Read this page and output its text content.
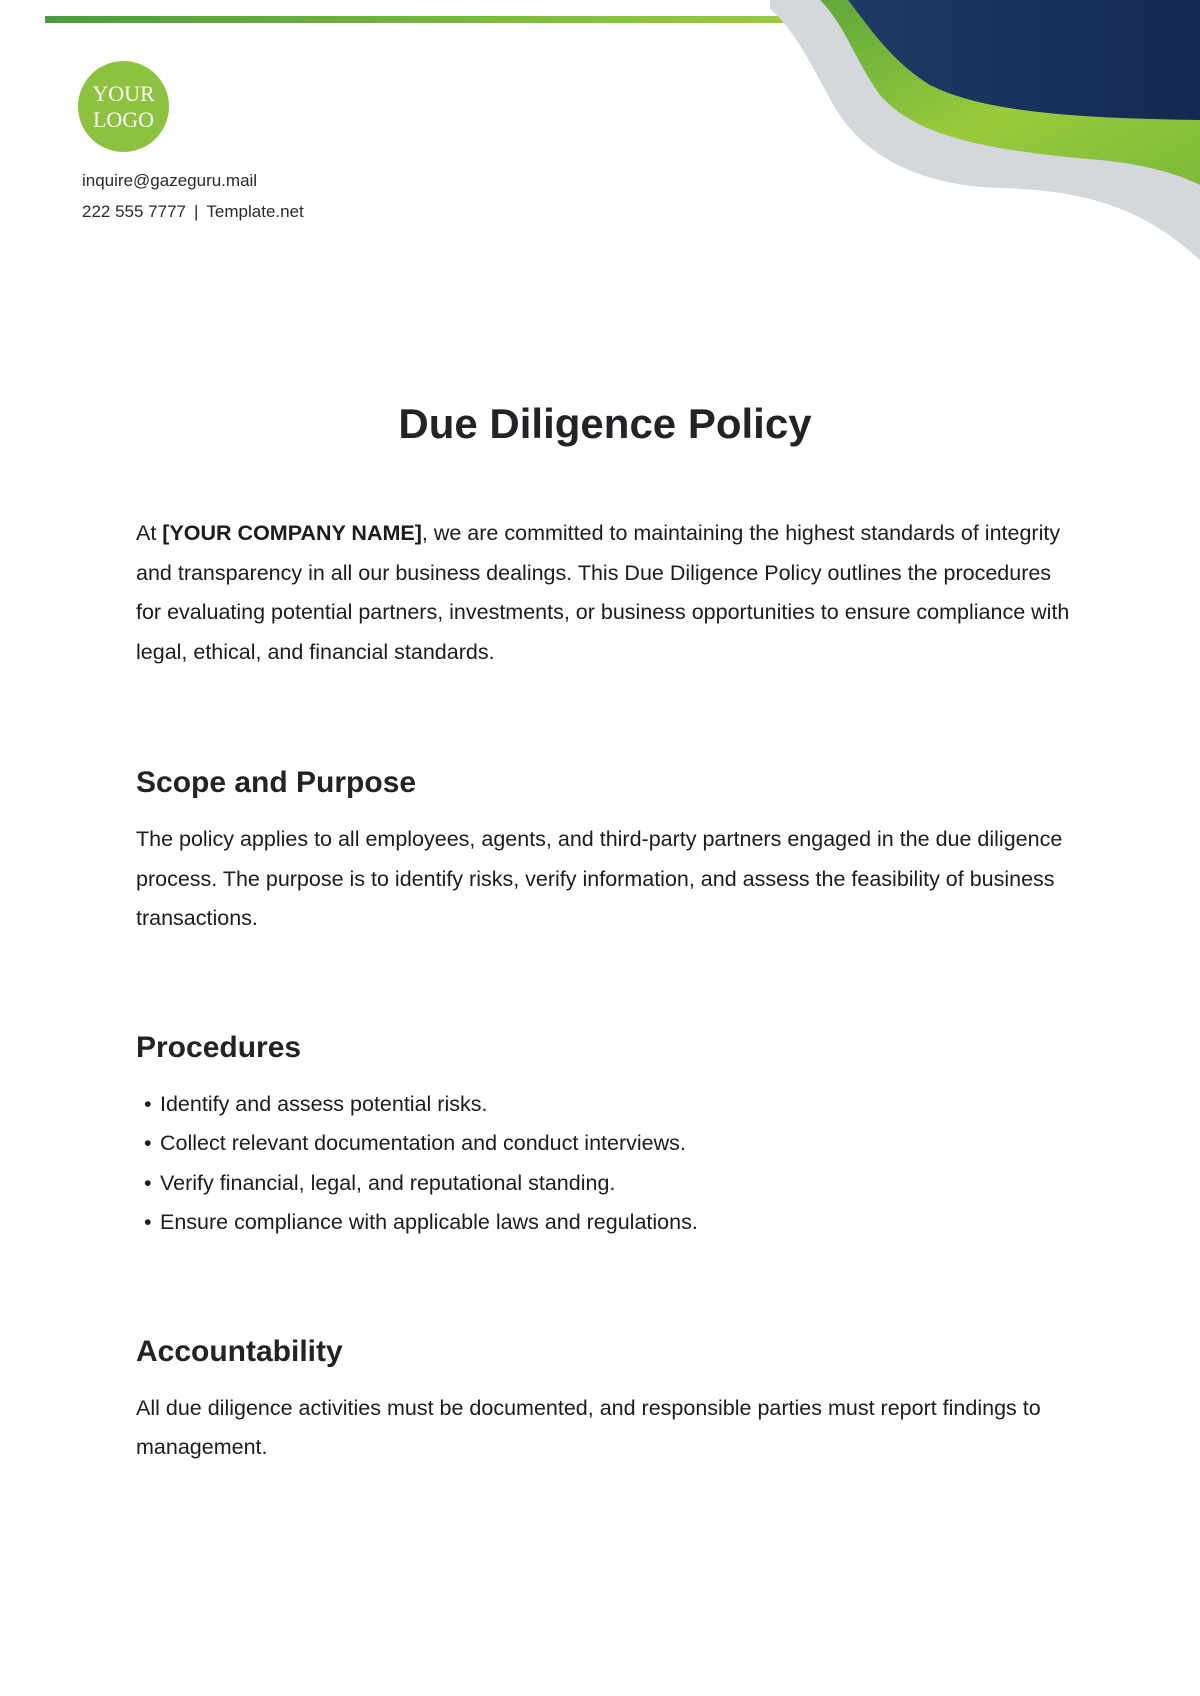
YOUR
LOGO
inquire@gazeguru.mail
222 555 7777 | Template.net
Due Diligence Policy

At [YOUR COMPANY NAME], we are committed to maintaining the highest standards of integrity and transparency in all our business dealings. This Due Diligence Policy outlines the procedures for evaluating potential partners, investments, or business opportunities to ensure compliance with legal, ethical, and financial standards.

Scope and Purpose

The policy applies to all employees, agents, and third-party partners engaged in the due diligence process. The purpose is to identify risks, verify information, and assess the feasibility of business transactions.

Procedures
• Identify and assess potential risks.
• Collect relevant documentation and conduct interviews.
• Verify financial, legal, and reputational standing.
• Ensure compliance with applicable laws and regulations.
Accountability

All due diligence activities must be documented, and responsible parties must report findings to management.
